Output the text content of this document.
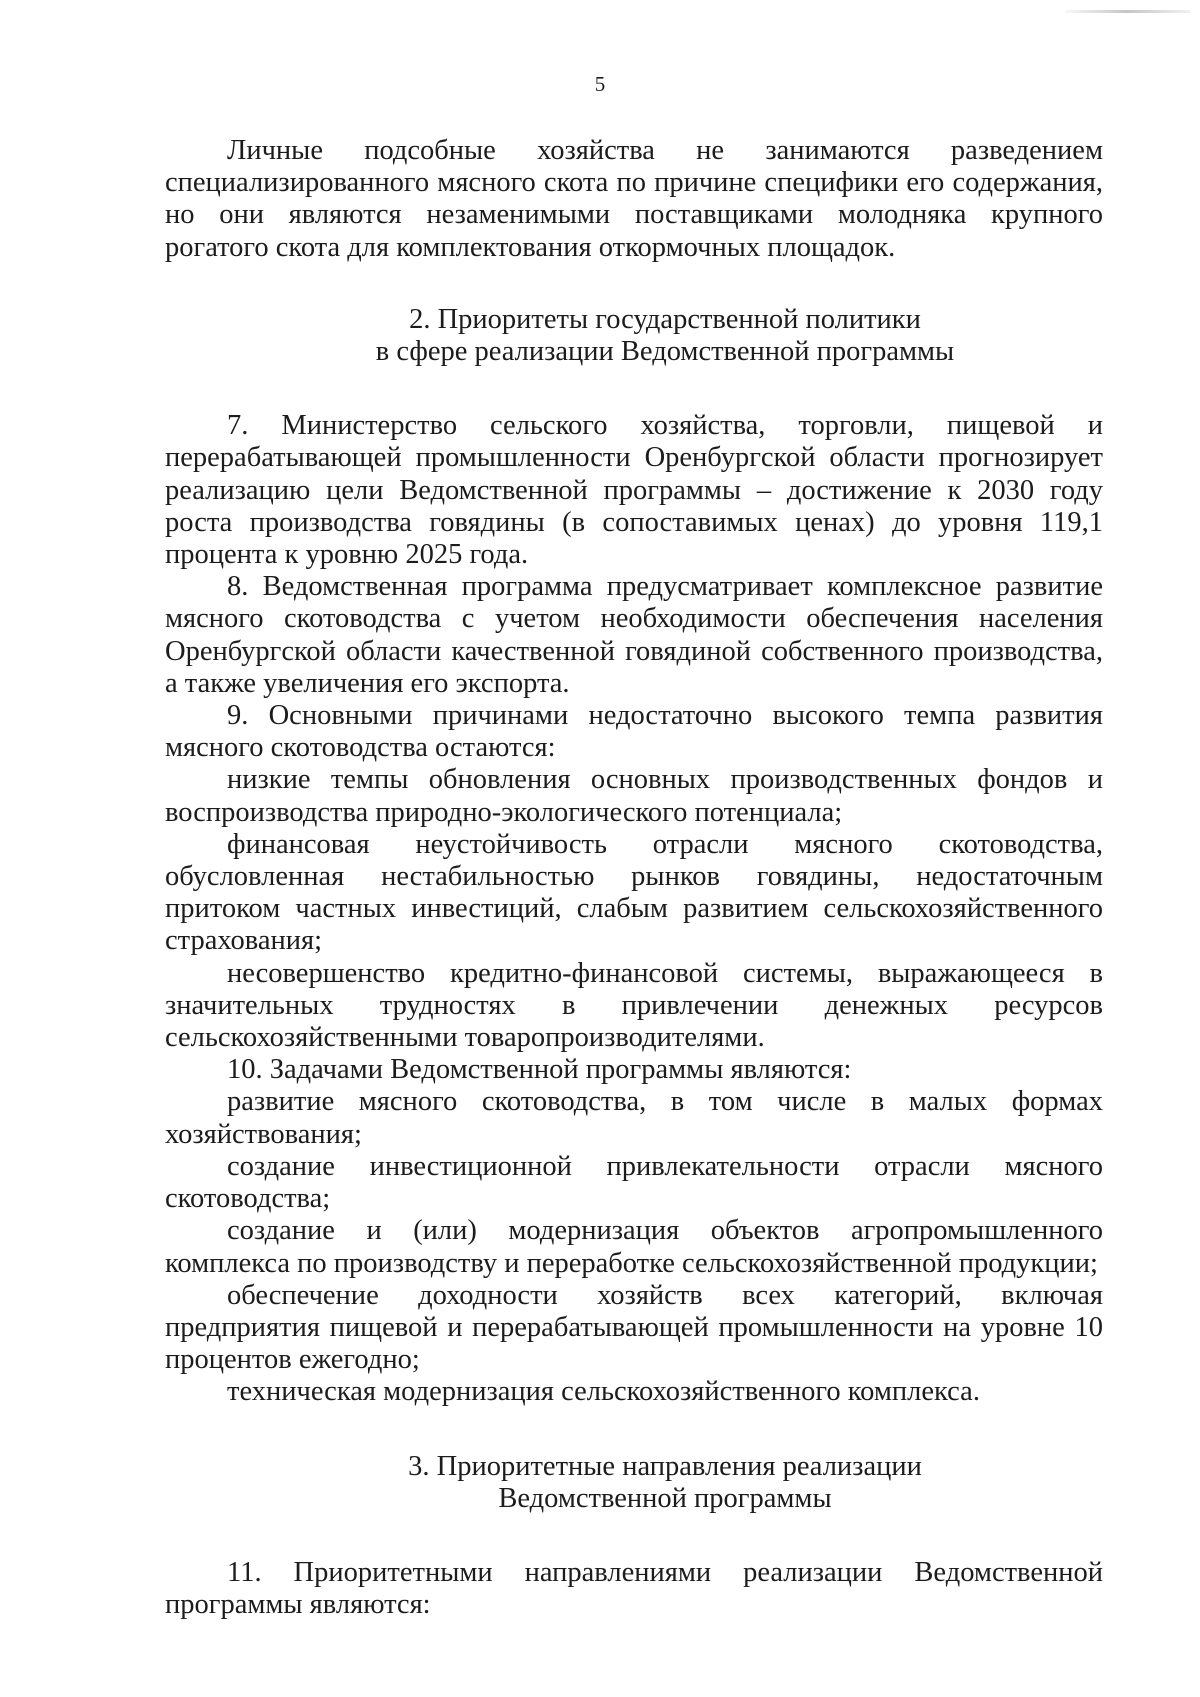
5

Личные подсобные хозяйства не занимаются разведением специализированного мясного скота по причине специфики его содержания, но они являются незаменимыми поставщиками молодняка крупного рогатого скота для комплектования откормочных площадок.

2. Приоритеты государственной политики
в сфере реализации Ведомственной программы

7. Министерство сельского хозяйства, торговли, пищевой и перерабатывающей промышленности Оренбургской области прогнозирует реализацию цели Ведомственной программы – достижение к 2030 году роста производства говядины (в сопоставимых ценах) до уровня 119,1 процента к уровню 2025 года.

8. Ведомственная программа предусматривает комплексное развитие мясного скотоводства с учетом необходимости обеспечения населения Оренбургской области качественной говядиной собственного производства, а также увеличения его экспорта.

9. Основными причинами недостаточно высокого темпа развития мясного скотоводства остаются:

низкие темпы обновления основных производственных фондов и воспроизводства природно-экологического потенциала;

финансовая неустойчивость отрасли мясного скотоводства, обусловленная нестабильностью рынков говядины, недостаточным притоком частных инвестиций, слабым развитием сельскохозяйственного страхования;

несовершенство кредитно-финансовой системы, выражающееся в значительных трудностях в привлечении денежных ресурсов сельскохозяйственными товаропроизводителями.

10. Задачами Ведомственной программы являются:

развитие мясного скотоводства, в том числе в малых формах хозяйствования;

создание инвестиционной привлекательности отрасли мясного скотоводства;

создание и (или) модернизация объектов агропромышленного комплекса по производству и переработке сельскохозяйственной продукции;

обеспечение доходности хозяйств всех категорий, включая предприятия пищевой и перерабатывающей промышленности на уровне 10 процентов ежегодно;

техническая модернизация сельскохозяйственного комплекса.

3. Приоритетные направления реализации
Ведомственной программы

11. Приоритетными направлениями реализации Ведомственной программы являются:
